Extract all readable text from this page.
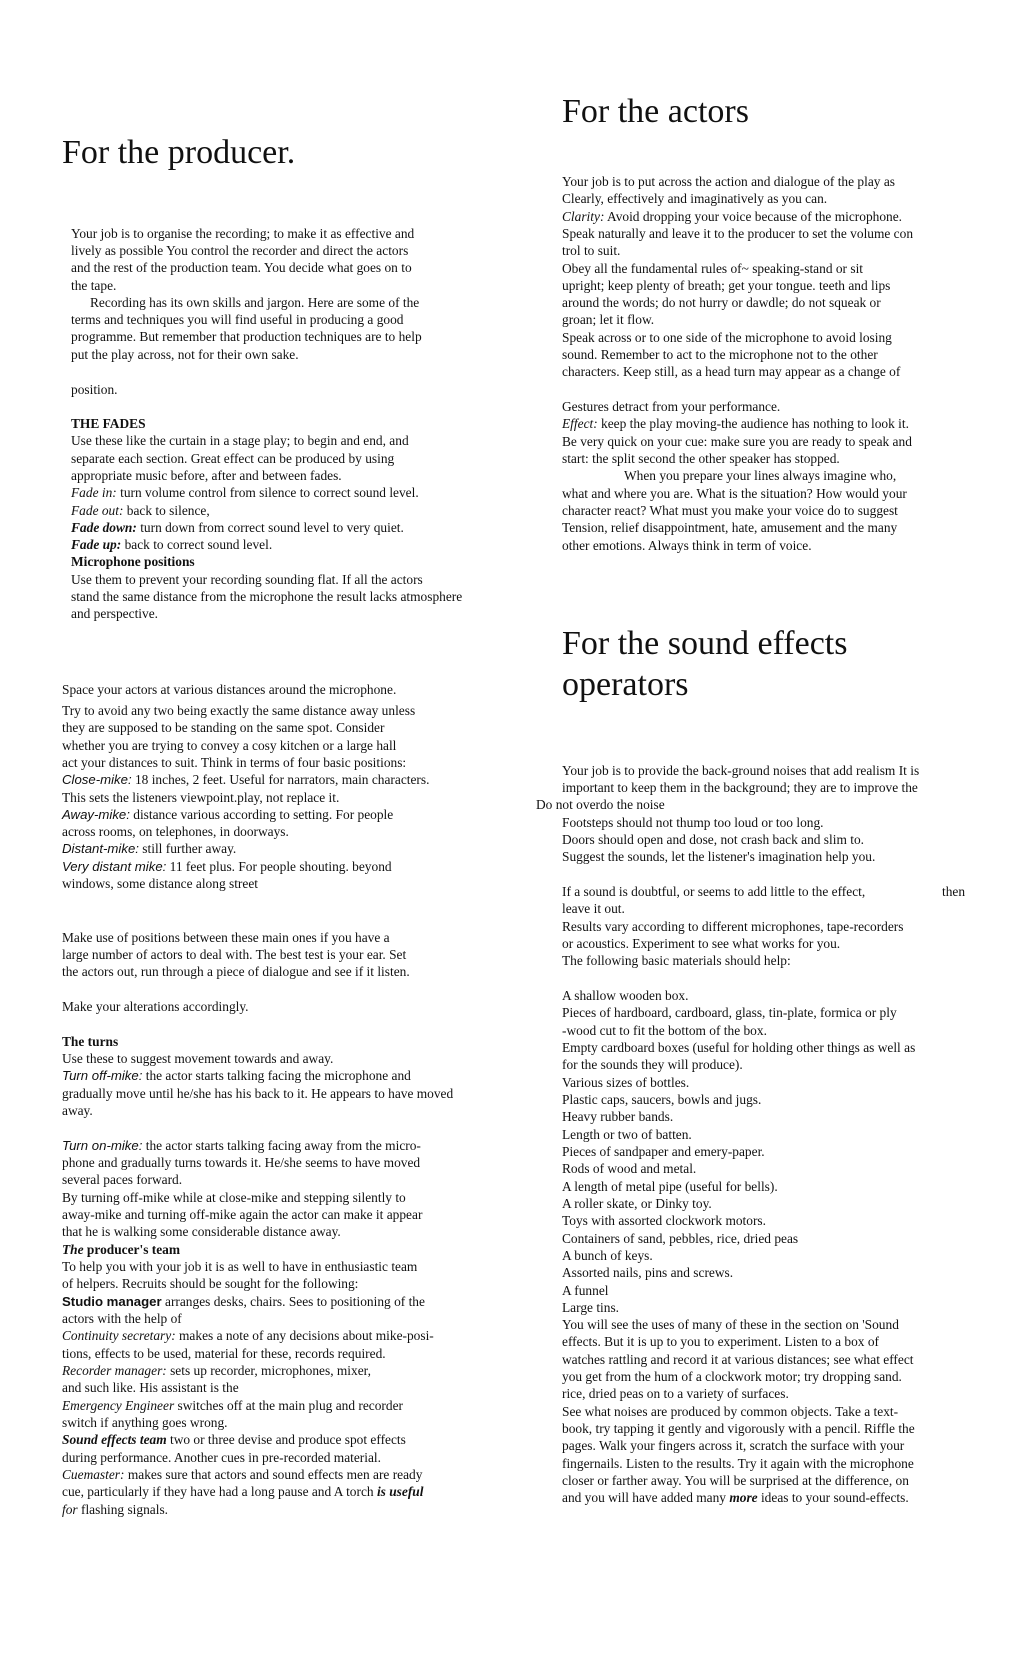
For the producer.
Your job is to organise the recording; to make it as effective and
lively as possible You control the recorder and direct the actors
and the rest of the production team. You decide what goes on to
the tape.
Recording has its own skills and jargon. Here are some of the
terms and techniques you will find useful in producing a good
programme. But remember that production techniques are to help
put the play across, not for their own sake.
position.
THE FADES
Use these like the curtain in a stage play; to begin and end, and
separate each section. Great effect can be produced by using
appropriate music before, after and between fades.
Fade in: turn volume control from silence to correct sound level.
Fade out: back to silence,
Fade down: turn down from correct sound level to very quiet.
Fade up: back to correct sound level.
Microphone positions
Use them to prevent your recording sounding flat. If all the actors
stand the same distance from the microphone the result lacks atmosphere
and perspective.
Space your actors at various distances around the microphone.
Try to avoid any two being exactly the same distance away unless
they are supposed to be standing on the same spot. Consider
whether you are trying to convey a cosy kitchen or a large hall
act your distances to suit. Think in terms of four basic positions:
Close-mike: 18 inches, 2 feet. Useful for narrators, main characters.
This sets the listeners viewpoint.play, not replace it.
Away-mike: distance various according to setting. For people
across rooms, on telephones, in doorways.
Distant-mike: still further away.
Very distant mike: 11 feet plus. For people shouting. beyond
windows, some distance along street
Make use of positions between these main ones if you have a
large number of actors to deal with. The best test is your ear. Set
the actors out, run through a piece of dialogue and see if it listen.
Make your alterations accordingly.
The turns
Use these to suggest movement towards and away.
Turn off-mike: the actor starts talking facing the microphone and
gradually move until he/she has his back to it. He appears to have moved
away.
Turn on-mike: the actor starts talking facing away from the micro-
phone and gradually turns towards it. He/she seems to have moved
several paces forward.
By turning off-mike while at close-mike and stepping silently to
away-mike and turning off-mike again the actor can make it appear
that he is walking some considerable distance away.
The producer's team
To help you with your job it is as well to have in enthusiastic team
of helpers. Recruits should be sought for the following:
Studio manager arranges desks, chairs. Sees to positioning of the
actors with the help of
Continuity secretary: makes a note of any decisions about mike-posi-
tions, effects to be used, material for these, records required.
Recorder manager: sets up recorder, microphones, mixer,
and such like. His assistant is the
Emergency Engineer switches off at the main plug and recorder
switch if anything goes wrong.
Sound effects team two or three devise and produce spot effects
during performance. Another cues in pre-recorded material.
Cuemaster: makes sure that actors and sound effects men are ready
cue, particularly if they have had a long pause and A torch is useful
for flashing signals.
For the actors
Your job is to put across the action and dialogue of the play as
Clearly, effectively and imaginatively as you can.
Clarity: Avoid dropping your voice because of the microphone.
Speak naturally and leave it to the producer to set the volume con
trol to suit.
Obey all the fundamental rules of~ speaking-stand or sit
upright; keep plenty of breath; get your tongue. teeth and lips
around the words; do not hurry or dawdle; do not squeak or
groan; let it flow.
Speak across or to one side of the microphone to avoid losing
sound. Remember to act to the microphone not to the other
characters. Keep still, as a head turn may appear as a change of
Gestures detract from your performance.
Effect: keep the play moving-the audience has nothing to look it.
Be very quick on your cue: make sure you are ready to speak and
start: the split second the other speaker has stopped.
When you prepare your lines always imagine who,
what and where you are. What is the situation? How would your
character react? What must you make your voice do to suggest
Tension, relief disappointment, hate, amusement and the many
other emotions. Always think in term of voice.
For the sound effects
operators
Your job is to provide the back-ground noises that add realism It is
important to keep them in the background; they are to improve the
Do not overdo the noise
Footsteps should not thump too loud or too long.
Doors should open and dose, not crash back and slim to.
Suggest the sounds, let the listener's imagination help you.
If a sound is doubtful, or seems to add little to the effect,	then
leave it out.
Results vary according to different microphones, tape-recorders
or acoustics. Experiment to see what works for you.
The following basic materials should help:
A shallow wooden box.
Pieces of hardboard, cardboard, glass, tin-plate, formica or ply
-wood cut to fit the bottom of the box.
Empty cardboard boxes (useful for holding other things as well as
for the sounds they will produce).
Various sizes of bottles.
Plastic caps, saucers, bowls and jugs.
Heavy rubber bands.
Length or two of batten.
Pieces of sandpaper and emery-paper.
Rods of wood and metal.
A length of metal pipe (useful for bells).
A roller skate, or Dinky toy.
Toys with assorted clockwork motors.
Containers of sand, pebbles, rice, dried peas
A bunch of keys.
Assorted nails, pins and screws.
A funnel
Large tins.
You will see the uses of many of these in the section on 'Sound
effects. But it is up to you to experiment. Listen to a box of
watches rattling and record it at various distances; see what effect
you get from the hum of a clockwork motor; try dropping sand.
rice, dried peas on to a variety of surfaces.
See what noises are produced by common objects. Take a text-
book, try tapping it gently and vigorously with a pencil. Riffle the
pages. Walk your fingers across it, scratch the surface with your
fingernails. Listen to the results. Try it again with the microphone
closer or farther away. You will be surprised at the difference, on
and you will have added many more ideas to your sound-effects.
